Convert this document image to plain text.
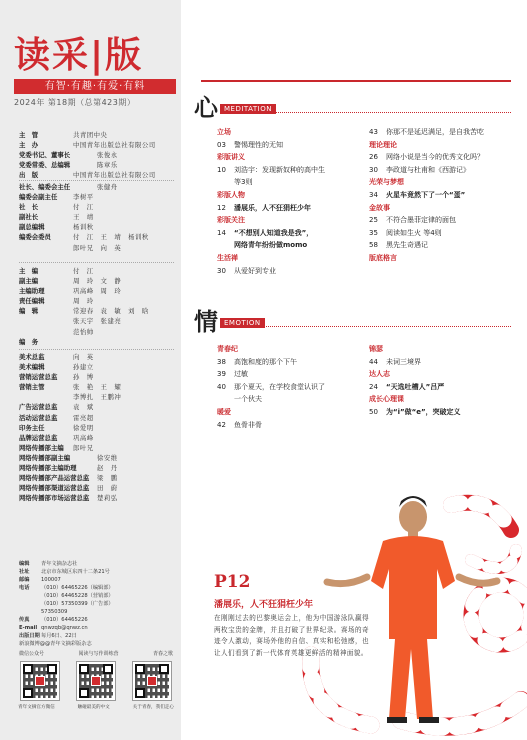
读采|版
有智·有趣·有爱·有料
2024年 第18期（总第423期）
主　管	共青团中央
主　办	中国青年出版总社有限公司
党委书记、董事长	张俊永
党委常委、总编辑	陈章乐
出　版	中国青年出版总社有限公司
社长、编委会主任	张健舟
编委会副主任	李树平
社　长	付　江
副社长	王　靖
副总编辑	杨训秋
编委会委员	付　江　王　靖　杨训秋
郎叶兄　向　英
主　编	付　江
副主编	周　玲　文　静
主编助理	巩高峰　周　玲
责任编辑	周　玲
编　辑	常迎春　袁　敏　刘　晗
张天宇　张建亮
范怡帅
编　务
美术总监	向　英
美术编辑	孙建立
营销运营总监	孙　博
营销主管	张　艳　王　耀
李博扎　王鹏冲
广告运营总监	袁　斌
活动运营总监	雷亮超
印务主任	徐爱明
品牌运营总监	巩高峰
网络传播部主编	郎叶兄
网络传播部副主编	徐安维
网络传播部主编助理	赵　丹
网络传播部产品运营总监	梁　鹏
网络传播部渠道运营总监	田　蔚
网络传播部市场运营总监	楚莉弘
编辑 青年文摘杂志社
社址 北京市东城区东四十二条21号
邮编 100007
电话 （010）64465226（编辑部）
（010）64465228（营销部）
（010）57350399（广告部）
57350309
传真 （010）64465226
E-mail qnwzqb@qnwz.cn
出版日期每月6日、22日
新浪微博@@青年文摘彩版杂志
微信公众号	阅读与写作训练营	青春之歌
青年文摘官方微信	触碰最美的中文	关于青春，我们走心
心 MEDITATION
立场
03	警惕理性的无知
彩版讲义
10	刘浩宇：发现新奴种的高中生
等3则
彩版人物
12	潘展乐，人不狂狷枉少年
彩版关注
14	“不想别人知道我是我”，
网络青年纷纷做momo
生活禅
30	从爱好到专业
43	你那不是延迟满足，是自我苦吃
理论理论
26	网络小说是当今的优秀文化吗？
30	李政道与杜甫和《西游记》
光荣与梦想
34	火星车竟然下了一个“蛋”
金故事
25	不符合墨菲定律的面包
35	阅读如生火 等4则
58	黑先生奇遇记
版底格言
情 EMOTION
青春纪
38	高饱和度的那个下午
39	过敏
40	那个夏天，在学校食堂认识了
一个伙夫
暖爱
42	鱼骨非骨
锦瑟
44	未词三境界
达人志
24	“天选吐槽人”吕严
成长心理课
50	为“i”做“e”，突破定义
P12
潘展乐，人不狂狷枉少年
在刚刚过去的巴黎奥运会上，他为中国游泳队赢得两枚宝贵的金牌，并且打破了世界纪录。赛场的奇迹令人激动，赛场外他的自信、真实和松弛感，也让人们看到了新一代体育英雄更鲜活的精神面貌。
